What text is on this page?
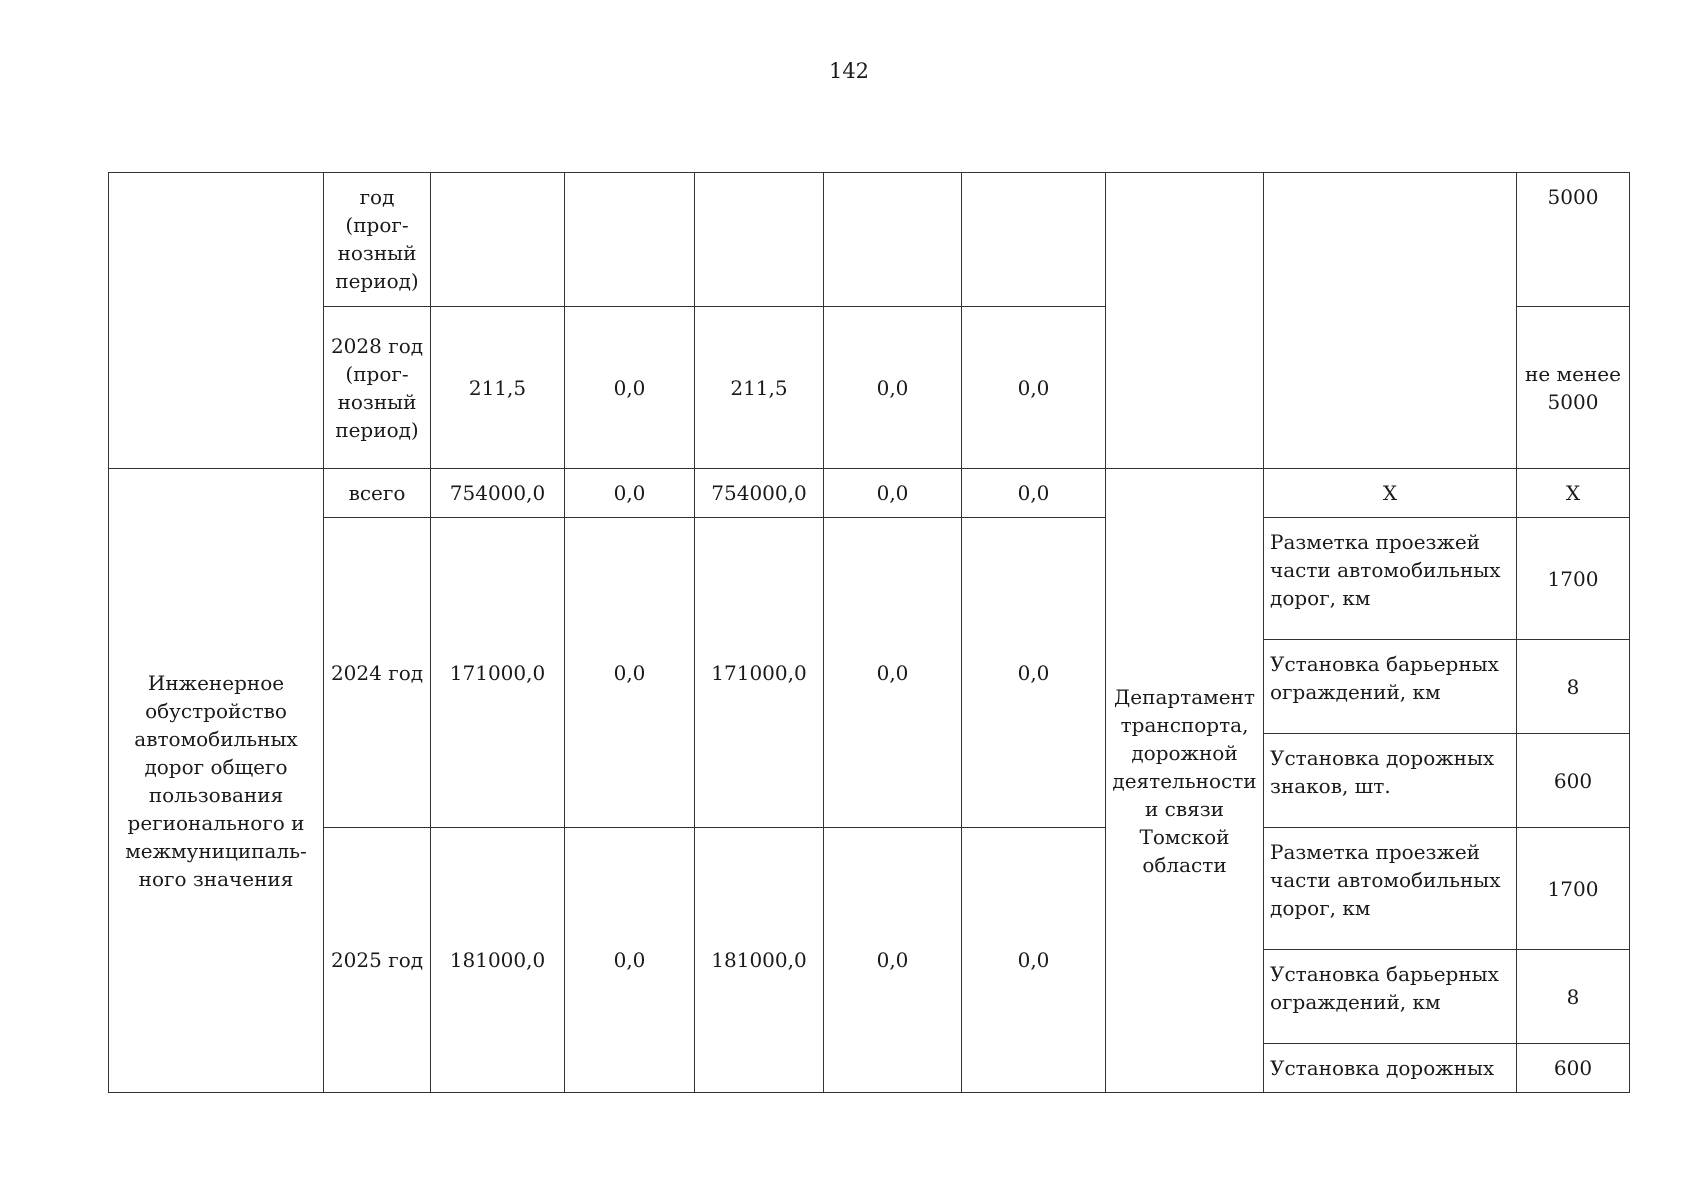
142
	год (прог-нозный период)								5000
	2028 год (прог-нозный период)	211,5	0,0	211,5	0,0	0,0			не менее 5000
Инженерное обустройство автомобильных дорог общего пользования регионального и межмуниципаль-ного значения	всего	754000,0	0,0	754000,0	0,0	0,0	Департамент транспорта, дорожной деятельности и связи Томской области	Х	Х
	2024 год	171000,0	0,0	171000,0	0,0	0,0		Разметка проезжей части автомобильных дорог, км	1700
								Установка барьерных ограждений, км	8
								Установка дорожных знаков, шт.	600
	2025 год	181000,0	0,0	181000,0	0,0	0,0		Разметка проезжей части автомобильных дорог, км	1700
								Установка барьерных ограждений, км	8
								Установка дорожных	600
